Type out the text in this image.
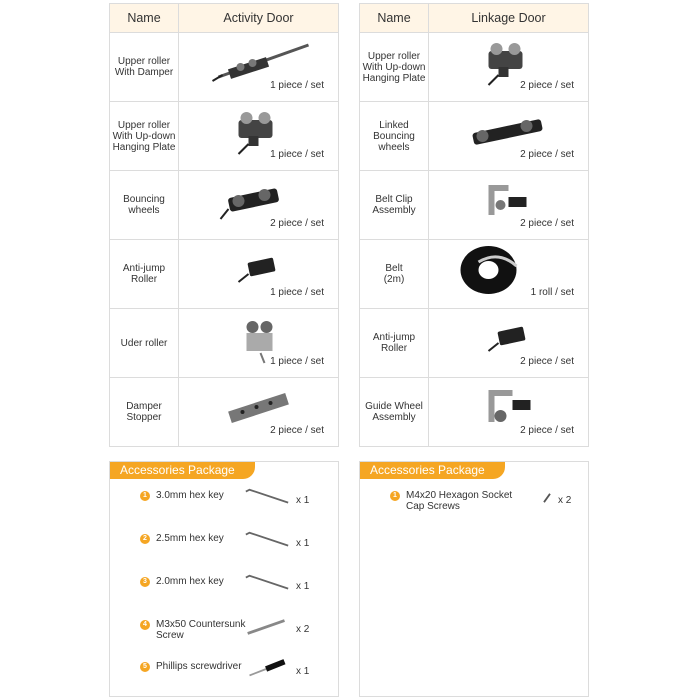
Name	Activity Door
Upper roller
With Damper	1 piece / set

Upper roller
With Up-down
Hanging Plate	1 piece / set

Bouncing
wheels	2 piece / set

Anti-jump
Roller	1 piece / set

Uder roller	1 piece / set

Damper
Stopper	2 piece / set
Name	Linkage Door
Upper roller
With Up-down
Hanging Plate	2 piece / set

Linked
Bouncing
wheels	2 piece / set

Belt Clip
Assembly	2 piece / set

Belt
(2m)	1 roll / set

Anti-jump
Roller	2 piece / set

Guide Wheel
Assembly	2 piece / set
Accessories Package
1 3.0mm hex key	x 1
2 2.5mm hex key	x 1
3 2.0mm hex key	x 1
4 M3x50 Countersunk
Screw
x 2
5 Phillips screwdriver	x 1
Accessories Package
1 M4x20 Hexagon Socket
Cap Screws
x 2
